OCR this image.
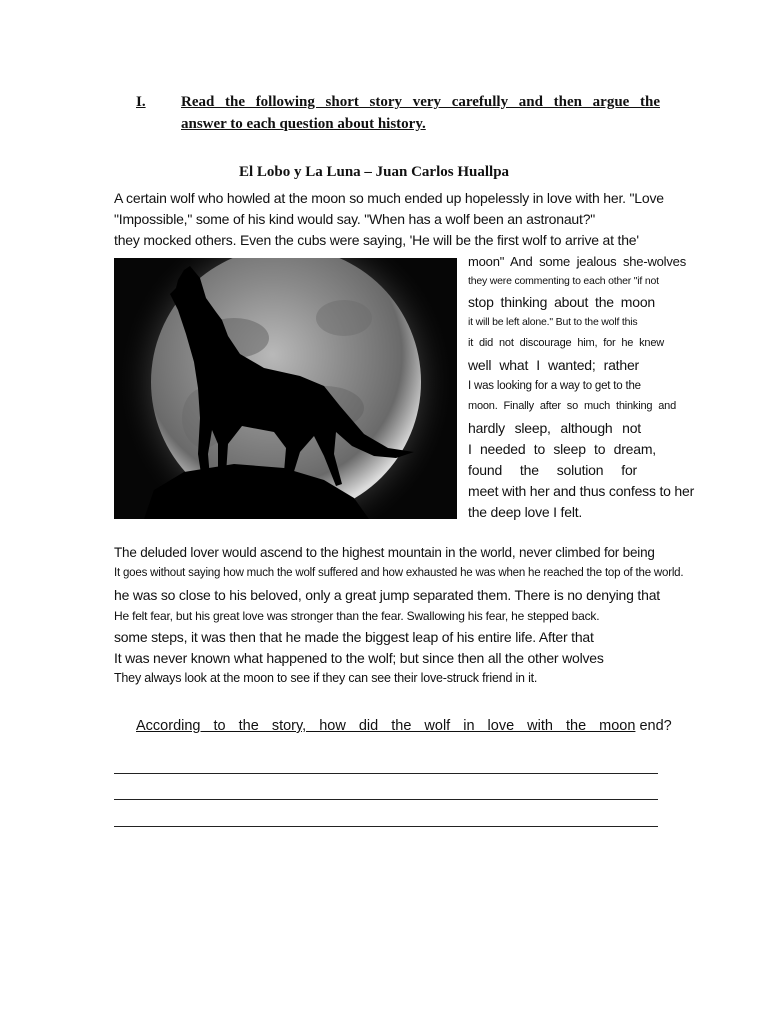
I. Read the following short story very carefully and then argue the
answer to each question about history.
El Lobo y La Luna – Juan Carlos Huallpa
A certain wolf who howled at the moon so much ended up hopelessly in love with her. "Love
"Impossible," some of his kind would say. "When has a wolf been an astronaut?"
they mocked others. Even the cubs were saying, 'He will be the first wolf to arrive at the'
moon" And some jealous she-wolves
they were commenting to each other "if not
stop thinking about the moon
it will be left alone." But to the wolf this
it did not discourage him, for he knew
well what I wanted; rather
I was looking for a way to get to the
moon. Finally after so much thinking and
hardly sleep, although not
I needed to sleep to dream,
found the solution for
meet with her and thus confess to her
the deep love I felt.
The deluded lover would ascend to the highest mountain in the world, never climbed for being
It goes without saying how much the wolf suffered and how exhausted he was when he reached the top of the world.
he was so close to his beloved, only a great jump separated them. There is no denying that
He felt fear, but his great love was stronger than the fear. Swallowing his fear, he stepped back.
some steps, it was then that he made the biggest leap of his entire life. After that
It was never known what happened to the wolf; but since then all the other wolves
They always look at the moon to see if they can see their love-struck friend in it.
According to the story, how did the wolf in love with the moon end?
